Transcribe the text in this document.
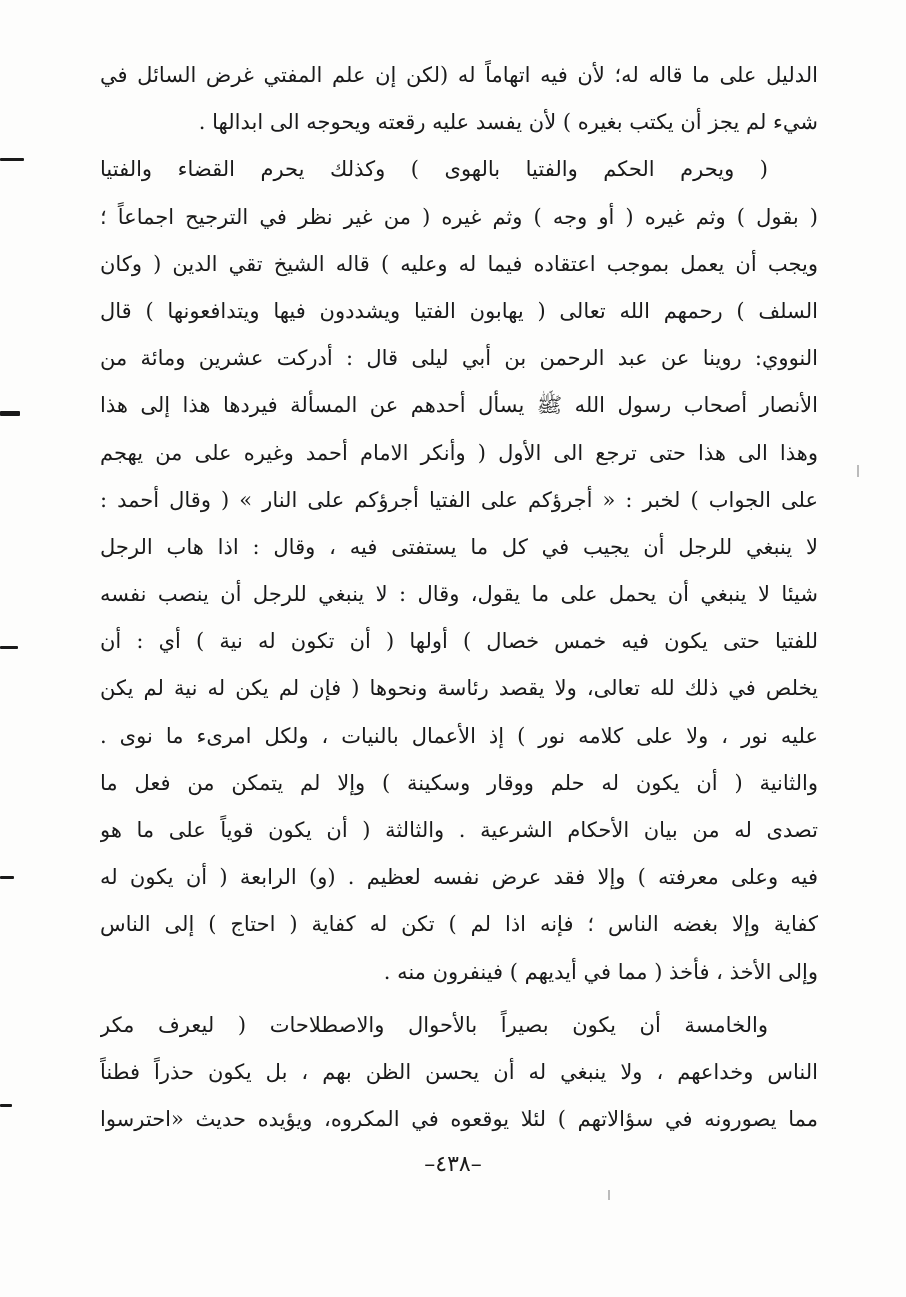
الدليل على ما قاله له؛ لأن فيه اتهاماً له (لكن إن علم المفتي غرض السائل في
شيء لم يجز أن يكتب بغيره ) لأن يفسد عليه رقعته ويحوجه الى ابدالها .
( ويحرم الحكم والفتيا بالهوى ) وكذلك يحرم القضاء والفتيا
( بقول ) وثم غيره ( أو وجه ) وثم غيره ( من غير نظر في الترجيح اجماعاً ؛
ويجب أن يعمل بموجب اعتقاده فيما له وعليه ) قاله الشيخ تقي الدين ( وكان
السلف ) رحمهم الله تعالى ( يهابون الفتيا ويشددون فيها ويتدافعونها ) قال
النووي: روينا عن عبد الرحمن بن أبي ليلى قال : أدركت عشرين ومائة من
الأنصار أصحاب رسول الله ﷺ يسأل أحدهم عن المسألة فيردها هذا إلى هذا
وهذا الى هذا حتى ترجع الى الأول ( وأنكر الامام أحمد وغيره على من يهجم
على الجواب ) لخبر : « أجرؤكم على الفتيا أجرؤكم على النار » ( وقال أحمد :
لا ينبغي للرجل أن يجيب في كل ما يستفتى فيه ، وقال : اذا هاب الرجل
شيئا لا ينبغي أن يحمل على ما يقول، وقال : لا ينبغي للرجل أن ينصب نفسه
للفتيا حتى يكون فيه خمس خصال ) أولها ( أن تكون له نية ) أي : أن
يخلص في ذلك لله تعالى، ولا يقصد رئاسة ونحوها ( فإن لم يكن له نية لم يكن
عليه نور ، ولا على كلامه نور ) إذ الأعمال بالنيات ، ولكل امرىء ما نوى .
والثانية ( أن يكون له حلم ووقار وسكينة ) وإلا لم يتمكن من فعل ما
تصدى له من بيان الأحكام الشرعية . والثالثة ( أن يكون قوياً على ما هو
فيه وعلى معرفته ) وإلا فقد عرض نفسه لعظيم . (و) الرابعة ( أن يكون له
كفاية وإلا بغضه الناس ؛ فإنه اذا لم ) تكن له كفاية ( احتاج ) إلى الناس
وإلى الأخذ ، فأخذ ( مما في أيديهم ) فينفرون منه .
والخامسة أن يكون بصيراً بالأحوال والاصطلاحات ( ليعرف مكر
الناس وخداعهم ، ولا ينبغي له أن يحسن الظن بهم ، بل يكون حذراً فطناً
مما يصورونه في سؤالاتهم ) لئلا يوقعوه في المكروه، ويؤيده حديث «احترسوا
–٤٣٨–
